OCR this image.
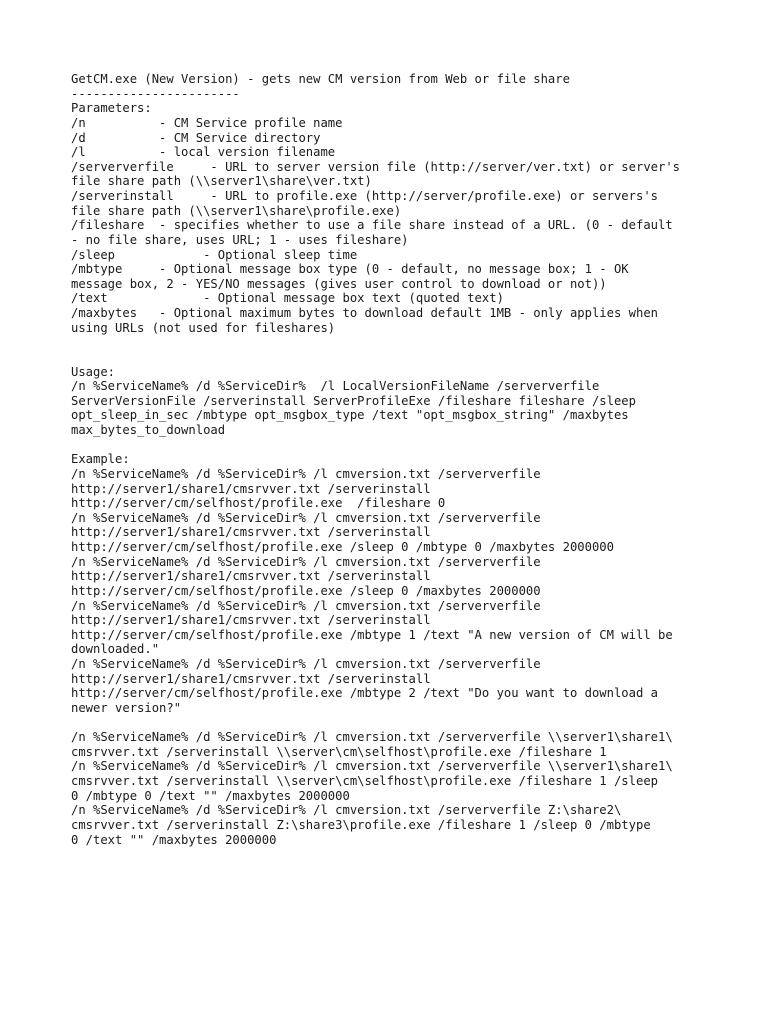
GetCM.exe (New Version) - gets new CM version from Web or file share
-----------------------
Parameters:
/n          - CM Service profile name
/d          - CM Service directory
/l          - local version filename
/serververfile     - URL to server version file (http://server/ver.txt) or server's
file share path (\\server1\share\ver.txt)
/serverinstall     - URL to profile.exe (http://server/profile.exe) or servers's
file share path (\\server1\share\profile.exe)
/fileshare  - specifies whether to use a file share instead of a URL. (0 - default
- no file share, uses URL; 1 - uses fileshare)
/sleep            - Optional sleep time
/mbtype     - Optional message box type (0 - default, no message box; 1 - OK
message box, 2 - YES/NO messages (gives user control to download or not))
/text             - Optional message box text (quoted text)
/maxbytes   - Optional maximum bytes to download default 1MB - only applies when
using URLs (not used for fileshares)
Usage:
/n %ServiceName% /d %ServiceDir%  /l LocalVersionFileName /serververfile
ServerVersionFile /serverinstall ServerProfileExe /fileshare fileshare /sleep
opt_sleep_in_sec /mbtype opt_msgbox_type /text "opt_msgbox_string" /maxbytes
max_bytes_to_download
Example:
/n %ServiceName% /d %ServiceDir% /l cmversion.txt /serververfile
http://server1/share1/cmsrvver.txt /serverinstall
http://server/cm/selfhost/profile.exe  /fileshare 0
/n %ServiceName% /d %ServiceDir% /l cmversion.txt /serververfile
http://server1/share1/cmsrvver.txt /serverinstall
http://server/cm/selfhost/profile.exe /sleep 0 /mbtype 0 /maxbytes 2000000
/n %ServiceName% /d %ServiceDir% /l cmversion.txt /serververfile
http://server1/share1/cmsrvver.txt /serverinstall
http://server/cm/selfhost/profile.exe /sleep 0 /maxbytes 2000000
/n %ServiceName% /d %ServiceDir% /l cmversion.txt /serververfile
http://server1/share1/cmsrvver.txt /serverinstall
http://server/cm/selfhost/profile.exe /mbtype 1 /text "A new version of CM will be
downloaded."
/n %ServiceName% /d %ServiceDir% /l cmversion.txt /serververfile
http://server1/share1/cmsrvver.txt /serverinstall
http://server/cm/selfhost/profile.exe /mbtype 2 /text "Do you want to download a
newer version?"
/n %ServiceName% /d %ServiceDir% /l cmversion.txt /serververfile \\server1\share1\
cmsrvver.txt /serverinstall \\server\cm\selfhost\profile.exe /fileshare 1
/n %ServiceName% /d %ServiceDir% /l cmversion.txt /serververfile \\server1\share1\
cmsrvver.txt /serverinstall \\server\cm\selfhost\profile.exe /fileshare 1 /sleep
0 /mbtype 0 /text "" /maxbytes 2000000
/n %ServiceName% /d %ServiceDir% /l cmversion.txt /serververfile Z:\share2\
cmsrvver.txt /serverinstall Z:\share3\profile.exe /fileshare 1 /sleep 0 /mbtype
0 /text "" /maxbytes 2000000
